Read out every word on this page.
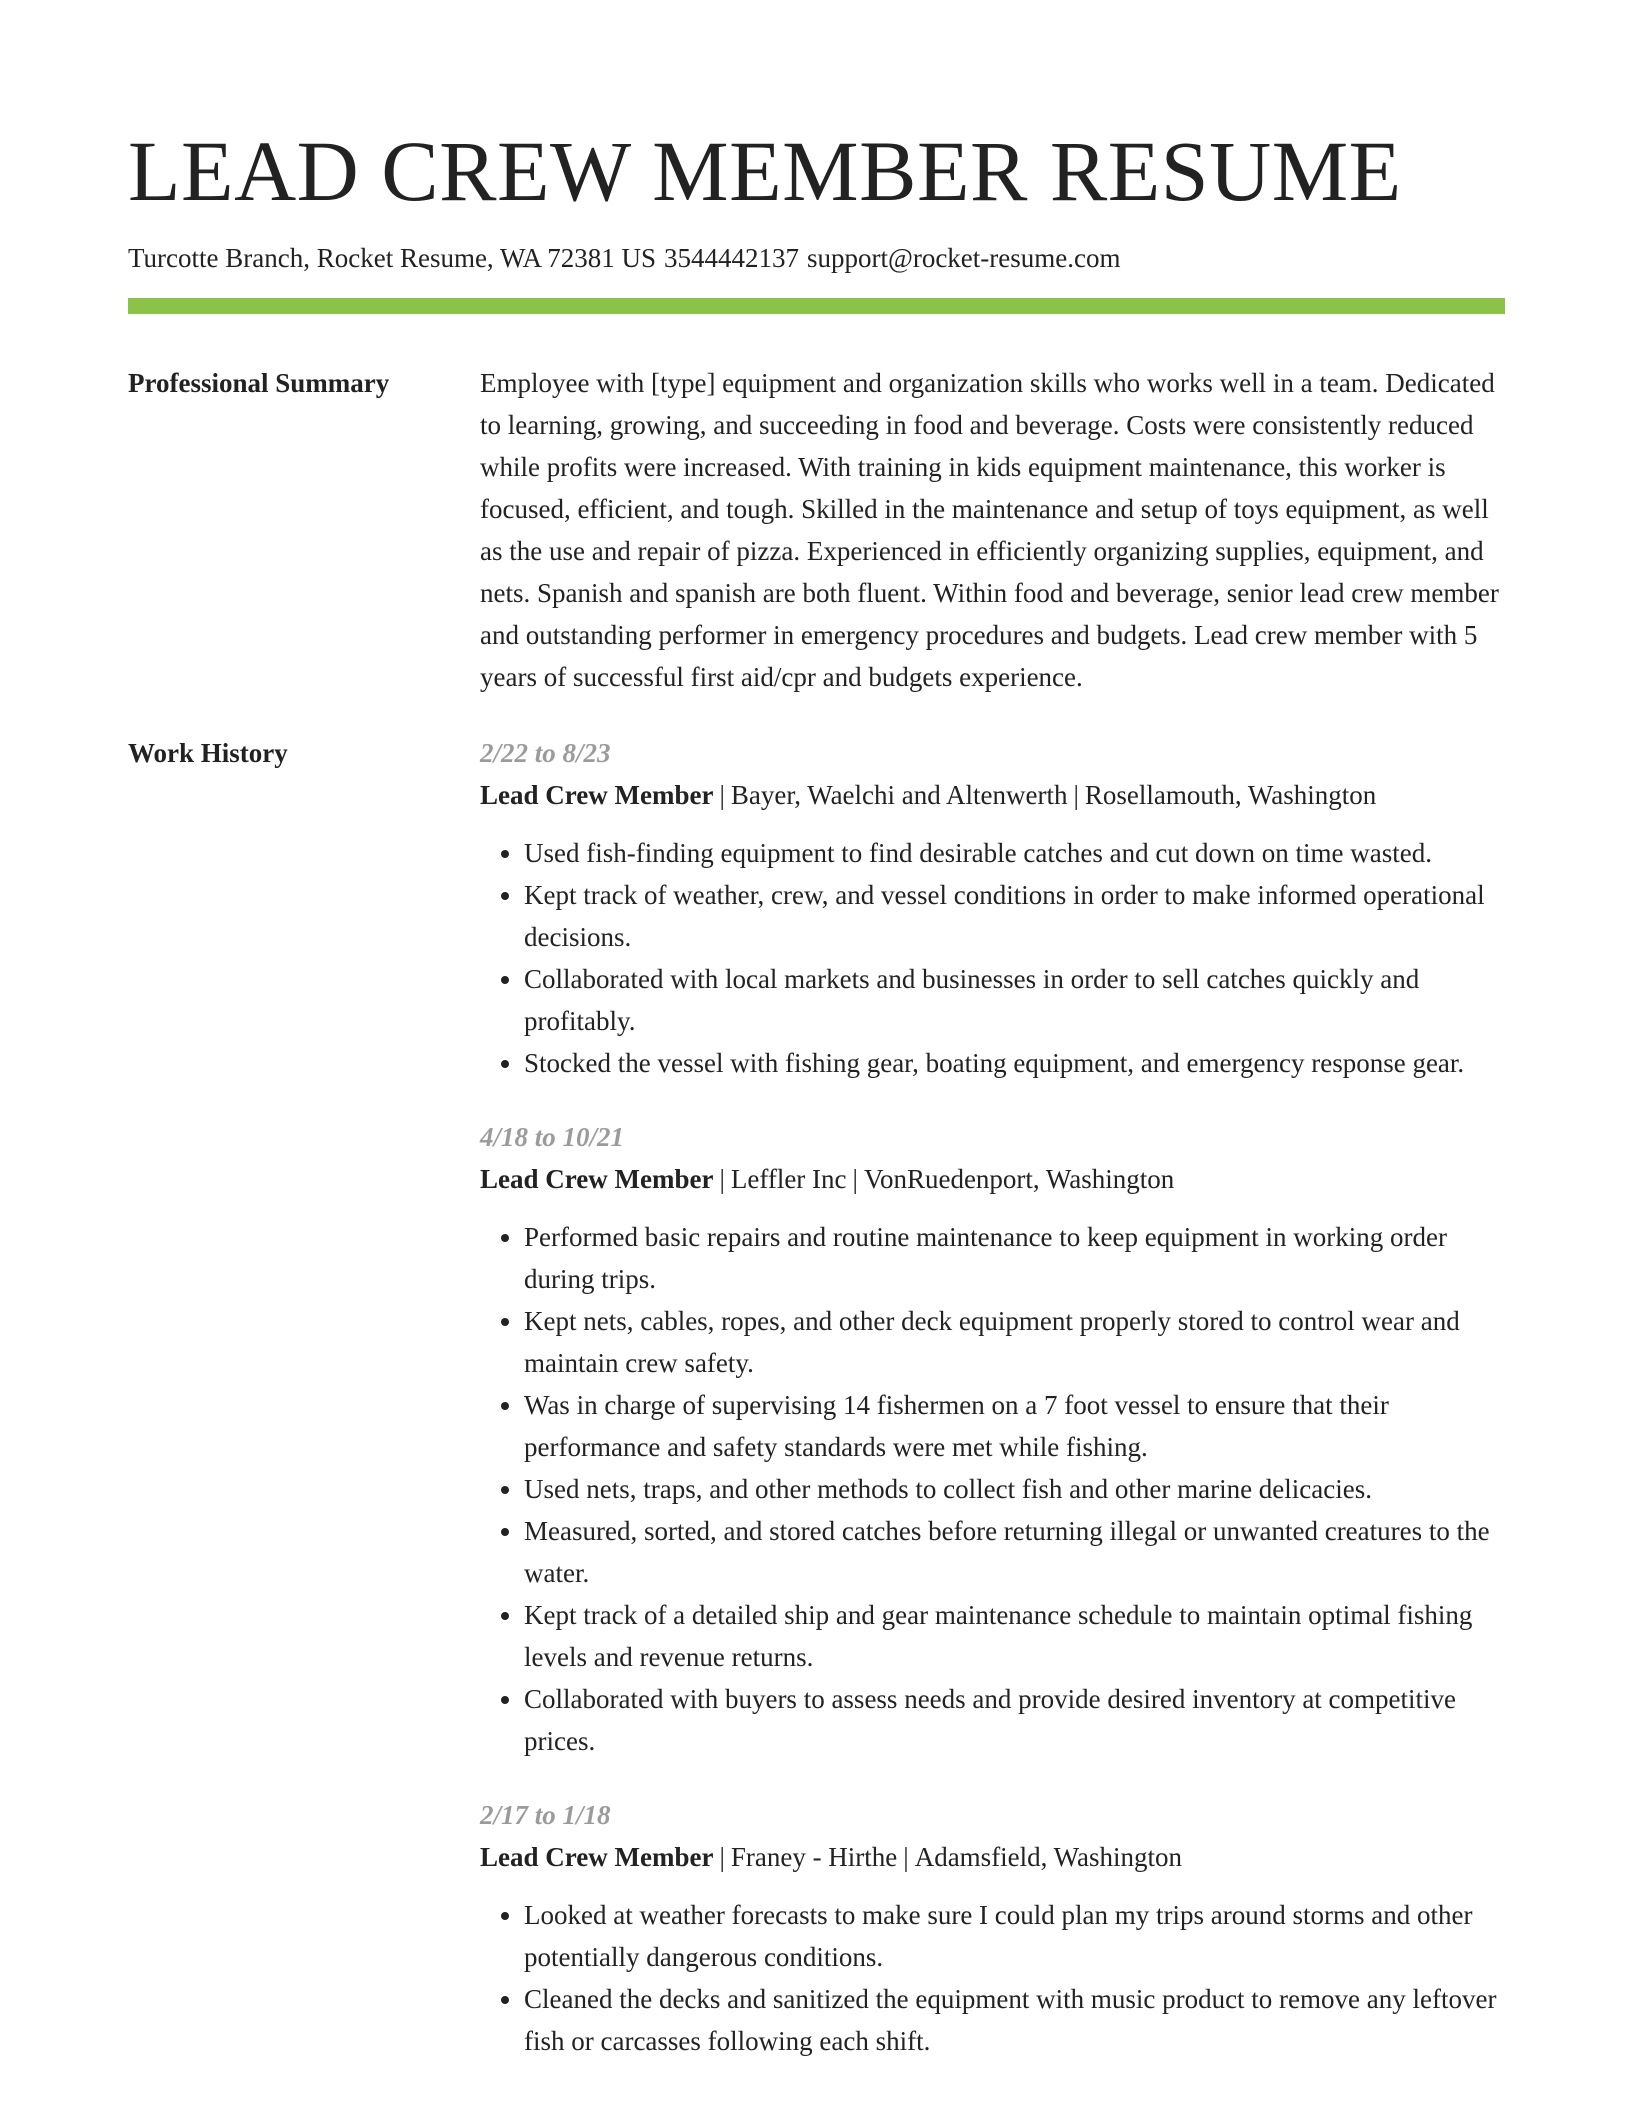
LEAD CREW MEMBER RESUME
Turcotte Branch, Rocket Resume, WA 72381 US 3544442137 support@rocket-resume.com
Professional Summary	Employee with [type] equipment and organization skills who works well in a team. Dedicated to learning, growing, and succeeding in food and beverage. Costs were consistently reduced while profits were increased. With training in kids equipment maintenance, this worker is focused, efficient, and tough. Skilled in the maintenance and setup of toys equipment, as well as the use and repair of pizza. Experienced in efficiently organizing supplies, equipment, and nets. Spanish and spanish are both fluent. Within food and beverage, senior lead crew member and outstanding performer in emergency procedures and budgets. Lead crew member with 5 years of successful first aid/cpr and budgets experience.

Work History	2/22 to 8/23
Lead Crew Member | Bayer, Waelchi and Altenwerth | Rosellamouth, Washington
• Used fish-finding equipment to find desirable catches and cut down on time wasted.
• Kept track of weather, crew, and vessel conditions in order to make informed operational decisions.
• Collaborated with local markets and businesses in order to sell catches quickly and profitably.
• Stocked the vessel with fishing gear, boating equipment, and emergency response gear.
4/18 to 10/21
Lead Crew Member | Leffler Inc | VonRuedenport, Washington
• Performed basic repairs and routine maintenance to keep equipment in working order during trips.
• Kept nets, cables, ropes, and other deck equipment properly stored to control wear and maintain crew safety.
• Was in charge of supervising 14 fishermen on a 7 foot vessel to ensure that their performance and safety standards were met while fishing.
• Used nets, traps, and other methods to collect fish and other marine delicacies.
• Measured, sorted, and stored catches before returning illegal or unwanted creatures to the water.
• Kept track of a detailed ship and gear maintenance schedule to maintain optimal fishing levels and revenue returns.
• Collaborated with buyers to assess needs and provide desired inventory at competitive prices.
2/17 to 1/18
Lead Crew Member | Franey - Hirthe | Adamsfield, Washington
• Looked at weather forecasts to make sure I could plan my trips around storms and other potentially dangerous conditions.
• Cleaned the decks and sanitized the equipment with music product to remove any leftover fish or carcasses following each shift.
